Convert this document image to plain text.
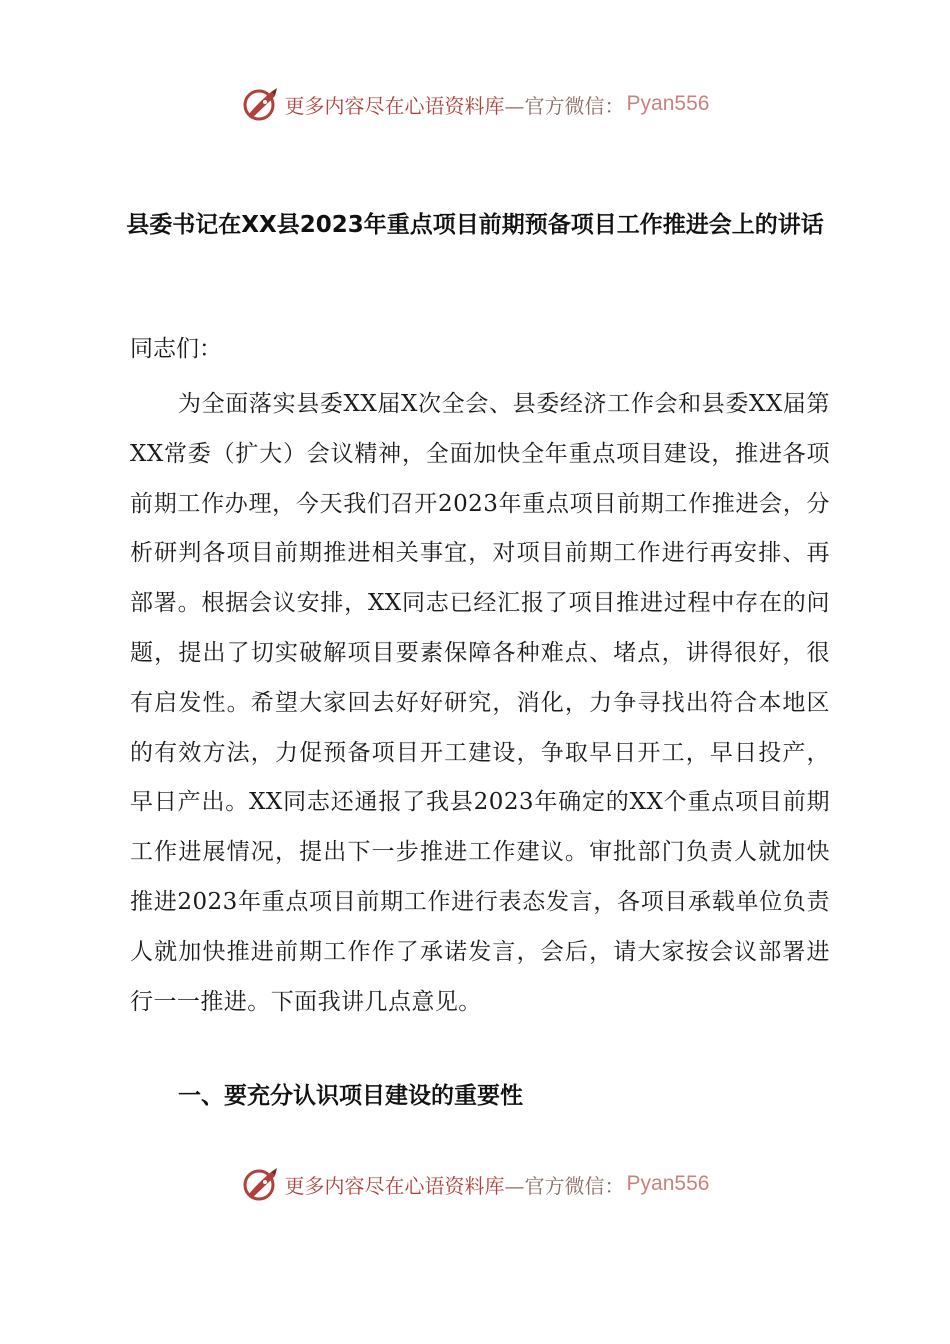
更多内容尽在心语资料库 —官方微信： Pyan556
县委书记在XX县2023年重点项目前期预备项目工作推进会上的讲话
同志们：

为全面落实县委XX届X次全会、县委经济工作会和县委XX届第XX常委（扩大）会议精神，全面加快全年重点项目建设，推进各项前期工作办理，今天我们召开2023年重点项目前期工作推进会，分析研判各项目前期推进相关事宜，对项目前期工作进行再安排、再部署。根据会议安排，XX同志已经汇报了项目推进过程中存在的问题，提出了切实破解项目要素保障各种难点、堵点，讲得很好，很有启发性。希望大家回去好好研究，消化，力争寻找出符合本地区的有效方法，力促预备项目开工建设，争取早日开工，早日投产，早日产出。XX同志还通报了我县2023年确定的XX个重点项目前期工作进展情况，提出下一步推进工作建议。审批部门负责人就加快推进2023年重点项目前期工作进行表态发言，各项目承载单位负责人就加快推进前期工作作了承诺发言，会后，请大家按会议部署进行一一推进。下面我讲几点意见。

一、要充分认识项目建设的重要性
更多内容尽在心语资料库 —官方微信： Pyan556
